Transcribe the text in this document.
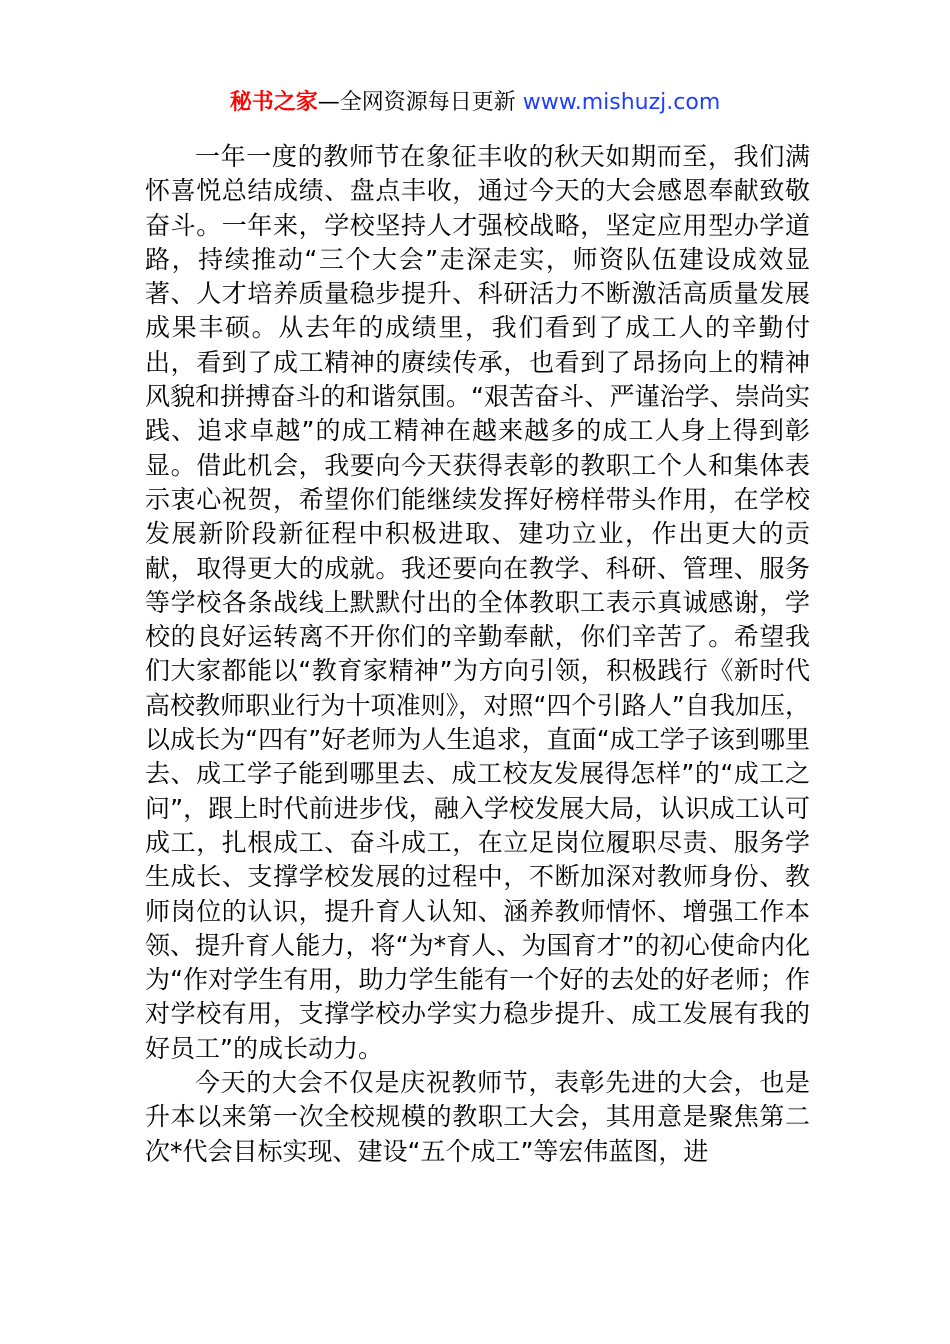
秘书之家—全网资源每日更新 www.mishuzj.com

一年一度的教师节在象征丰收的秋天如期而至，我们满怀喜悦总结成绩、盘点丰收，通过今天的大会感恩奉献致敬奋斗。一年来，学校坚持人才强校战略，坚定应用型办学道路，持续推动“三个大会”走深走实，师资队伍建设成效显著、人才培养质量稳步提升、科研活力不断激活高质量发展成果丰硕。从去年的成绩里，我们看到了成工人的辛勤付出，看到了成工精神的赓续传承，也看到了昂扬向上的精神风貌和拼搏奋斗的和谐氛围。“艰苦奋斗、严谨治学、崇尚实践、追求卓越”的成工精神在越来越多的成工人身上得到彰显。借此机会，我要向今天获得表彰的教职工个人和集体表示衷心祝贺，希望你们能继续发挥好榜样带头作用，在学校发展新阶段新征程中积极进取、建功立业，作出更大的贡献，取得更大的成就。我还要向在教学、科研、管理、服务等学校各条战线上默默付出的全体教职工表示真诚感谢，学校的良好运转离不开你们的辛勤奉献，你们辛苦了。希望我们大家都能以“教育家精神”为方向引领，积极践行《新时代高校教师职业行为十项准则》，对照“四个引路人”自我加压，以成长为“四有”好老师为人生追求，直面“成工学子该到哪里去、成工学子能到哪里去、成工校友发展得怎样”的“成工之问”，跟上时代前进步伐，融入学校发展大局，认识成工认可成工，扎根成工、奋斗成工，在立足岗位履职尽责、服务学生成长、支撑学校发展的过程中，不断加深对教师身份、教师岗位的认识，提升育人认知、涵养教师情怀、增强工作本领、提升育人能力，将“为*育人、为国育才”的初心使命内化为“作对学生有用，助力学生能有一个好的去处的好老师；作对学校有用，支撑学校办学实力稳步提升、成工发展有我的好员工”的成长动力。

今天的大会不仅是庆祝教师节，表彰先进的大会，也是升本以来第一次全校规模的教职工大会，其用意是聚焦第二次*代会目标实现、建设“五个成工”等宏伟蓝图，进
